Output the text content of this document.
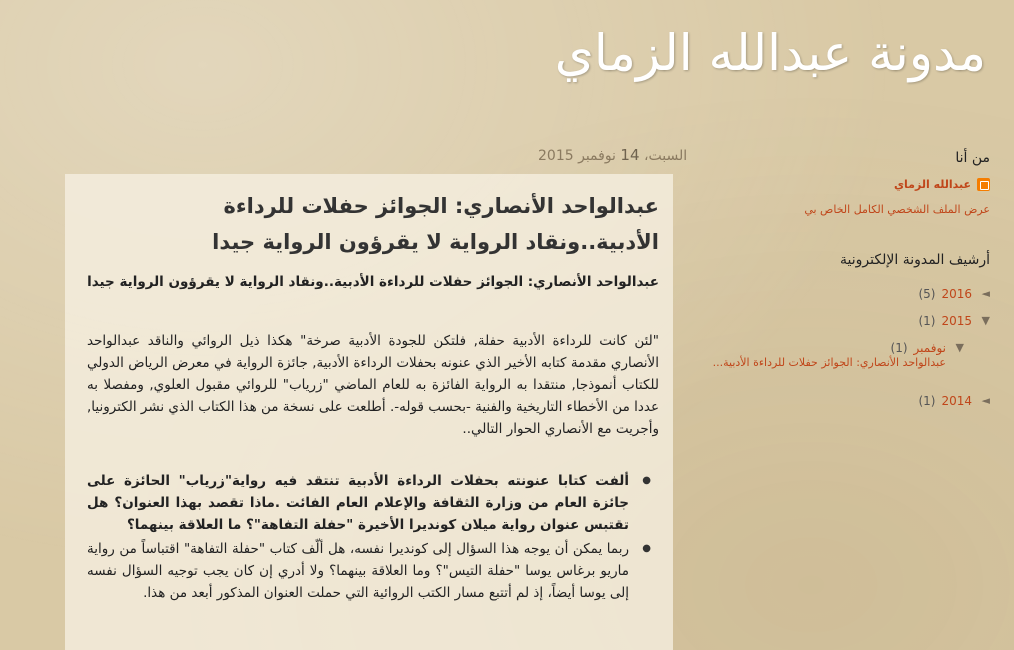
مدونة عبدالله الزماي
السبت، 14 نوفمبر 2015
عبدالواحد الأنصاري: الجوائز حفلات للرداءة الأدبية..ونقاد الرواية لا يقرؤون الرواية جيدا
عبدالواحد الأنصاري: الجوائز حفلات للرداءة الأدبية..ونقاد الرواية لا يقرؤون الرواية جيدا
"لئن كانت للرداءة الأدبية حفلة, فلتكن للجودة الأدبية صرخة" هكذا ذيل الروائي والناقد عبدالواحد الأنصاري مقدمة كتابه الأخير الذي عنونه بحفلات الرداءة الأدبية, جائزة الرواية في معرض الرياض الدولي للكتاب أنموذجا, منتقدا به الرواية الفائزة به للعام الماضي "زرياب" للروائي مقبول العلوي, ومفصلا به عددا من الأخطاء التاريخية والفنية -بحسب قوله-. أطلعت على نسخة من هذا الكتاب الذي نشر الكترونيا, وأجريت مع الأنصاري الحوار التالي..
● ألفت كتابا عنونته بحفلات الرداءة الأدبية تنتقد فيه رواية"زرياب" الحائزة على جائزة العام من وزارة الثقافة والإعلام العام الفائت .ماذا تقصد بهذا العنوان؟ هل تقتبس عنوان رواية ميلان كونديرا الأخيرة "حفلة التفاهة"؟ ما العلاقة بينهما؟
● ربما يمكن أن يوجه هذا السؤال إلى كونديرا نفسه، هل ألّف كتاب "حفلة التفاهة" اقتباساً من رواية ماريو برغاس يوسا "حفلة التيس"؟ وما العلاقة بينهما؟ ولا أدري إن كان يجب توجيه السؤال نفسه إلى يوسا أيضاً، إذ لم أتتبع مسار الكتب الروائية التي حملت العنوان المذكور أبعد من هذا.
من أنا
عبدالله الزماي
عرض الملف الشخصي الكامل الخاص بي
أرشيف المدونة الإلكترونية
◄
2016
(5)
▼
2015
(1)
▼
نوفمبر
(1)
عبدالواحد الأنصاري: الجوائز حفلات للرداءة الأدبية...
◄
2014
(1)
